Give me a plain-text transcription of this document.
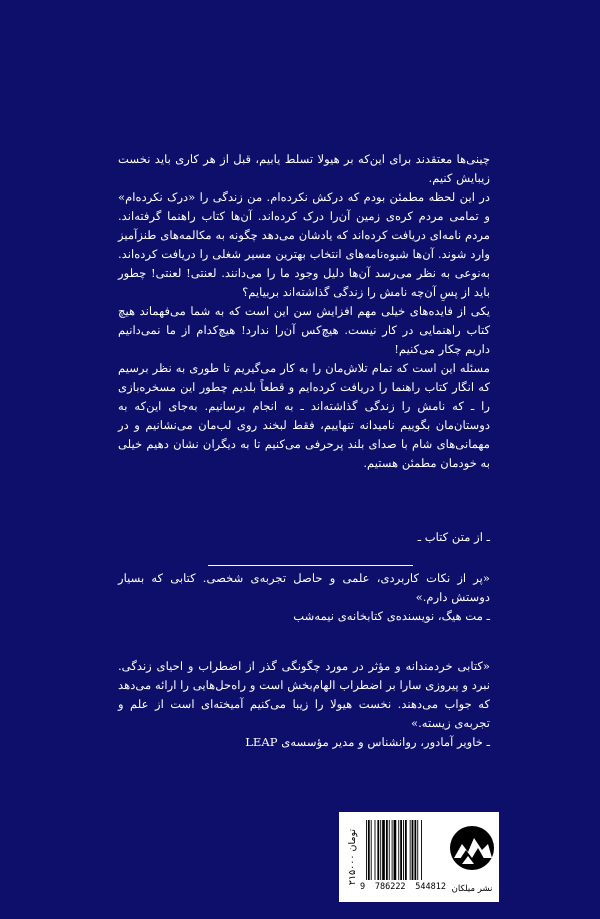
چینی‌ها معتقدند برای این‌که بر هیولا تسلط یابیم، قبل از هر کاری باید نخست زیبایش کنیم.

در این لحظه مطمئن بودم که درکش نکرده‌ام. من زندگی را «درک نکرده‌ام» و تمامی مردم کره‌ی زمین آن‌را درک کرده‌اند. آن‌ها کتاب راهنما گرفته‌اند. مردم نامه‌ای دریافت کرده‌اند که یادشان می‌دهد چگونه به مکالمه‌های طنزآمیز وارد شوند. آن‌ها شیوه‌نامه‌های انتخاب بهترین مسیر شغلی را دریافت کرده‌اند. به‌نوعی به نظر می‌رسد آن‌ها دلیل وجود ما را می‌دانند. لعنتی! لعنتی! چطور باید از پسِ آن‌چه نامش را زندگی گذاشته‌اند بربیایم؟

یکی از فایده‌های خیلی مهم افزایش سن این است که به شما می‌فهماند هیچ کتاب راهنمایی در کار نیست. هیچ‌کس آن‌را ندارد! هیچ‌کدام از ما نمی‌دانیم داریم چکار می‌کنیم!

مسئله این است که تمام تلاش‌مان را به کار می‌گیریم تا طوری به نظر برسیم که انگار کتاب راهنما را دریافت کرده‌ایم و قطعاً بلدیم چطور این مسخره‌بازی را ـ که نامش را زندگی گذاشته‌اند ـ به انجام برسانیم. به‌جای این‌که به دوستان‌مان بگوییم نامیدانه تنهاییم، فقط لبخند روی لب‌مان می‌نشانیم و در مهمانی‌های شام با صدای بلند پرحرفی می‌کنیم تا به دیگران نشان دهیم خیلی به خودمان مطمئن هستیم.

ـ از متن کتاب ـ

«پر از نکات کاربردی، علمی و حاصل تجربه‌ی شخصی. کتابی که بسیار دوستش دارم.»

ـ مت هیگ، نویسنده‌ی کتابخانه‌ی نیمه‌شب

«کتابی خردمندانه و مؤثر در مورد چگونگی گذر از اضطراب و احیای زندگی. نبرد و پیروزی سارا بر اضطراب الهام‌بخش است و راه‌حل‌هایی را ارائه می‌دهد که جواب می‌دهند. نخست هیولا را زیبا می‌کنیم آمیخته‌ای است از علم و تجربه‌ی زیسته.»

ـ خاویر آمادور، روانشناس و مدیر مؤسسه‌ی LEAP

۲۱۵۰۰۰ تومان
9 786222 544812 نشر میلکان
